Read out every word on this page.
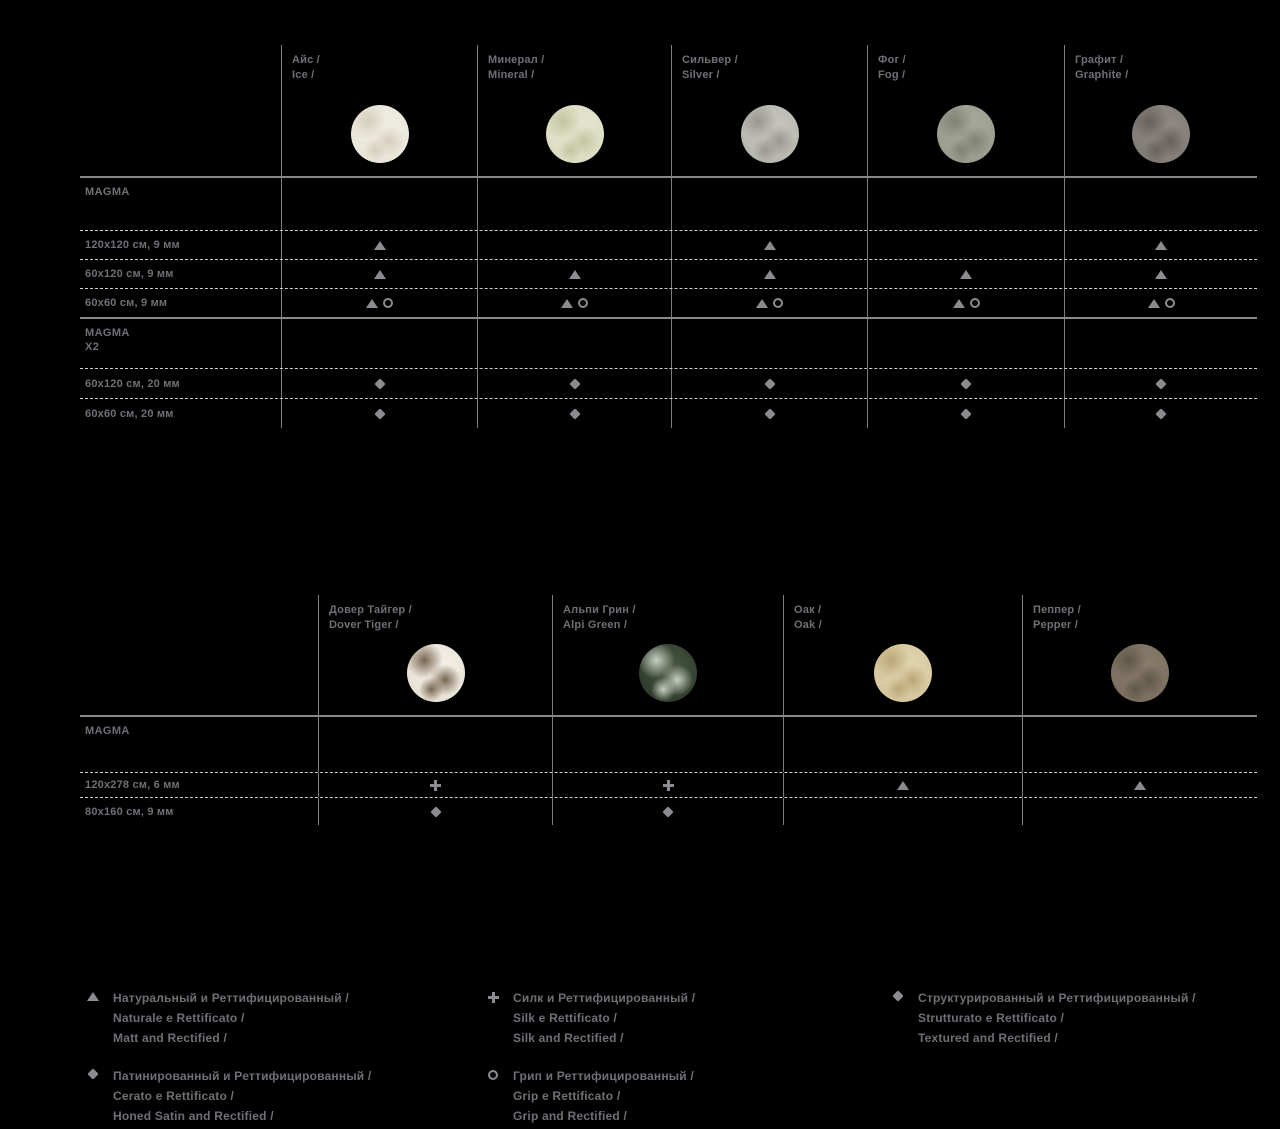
Айс /
Ice /
Минерал /
Mineral /
Сильвер /
Silver /
Фог /
Fog /
Графит /
Graphite /
MAGMA
120x120 см, 9 мм
60x120 см, 9 мм
60x60 см, 9 мм
MAGMA
X2
60x120 см, 20 мм
60x60 см, 20 мм
Довер Тайгер /
Dover Tiger /
Альпи Грин /
Alpi Green /
Оак /
Oak /
Пеппер /
Pepper /
MAGMA
120x278 см, 6 мм
80x160 см, 9 мм
Натуральный и Реттифицированный /
Naturale e Rettificato /
Matt and Rectified /
Патинированный и Реттифицированный /
Cerato e Rettificato /
Honed Satin and Rectified /
Силк и Реттифицированный /
Silk e Rettificato /
Silk and Rectified /
Грип и Реттифицированный /
Grip e Rettificato /
Grip and Rectified /
Структурированный и Реттифицированный /
Strutturato e Rettificato /
Textured and Rectified /
